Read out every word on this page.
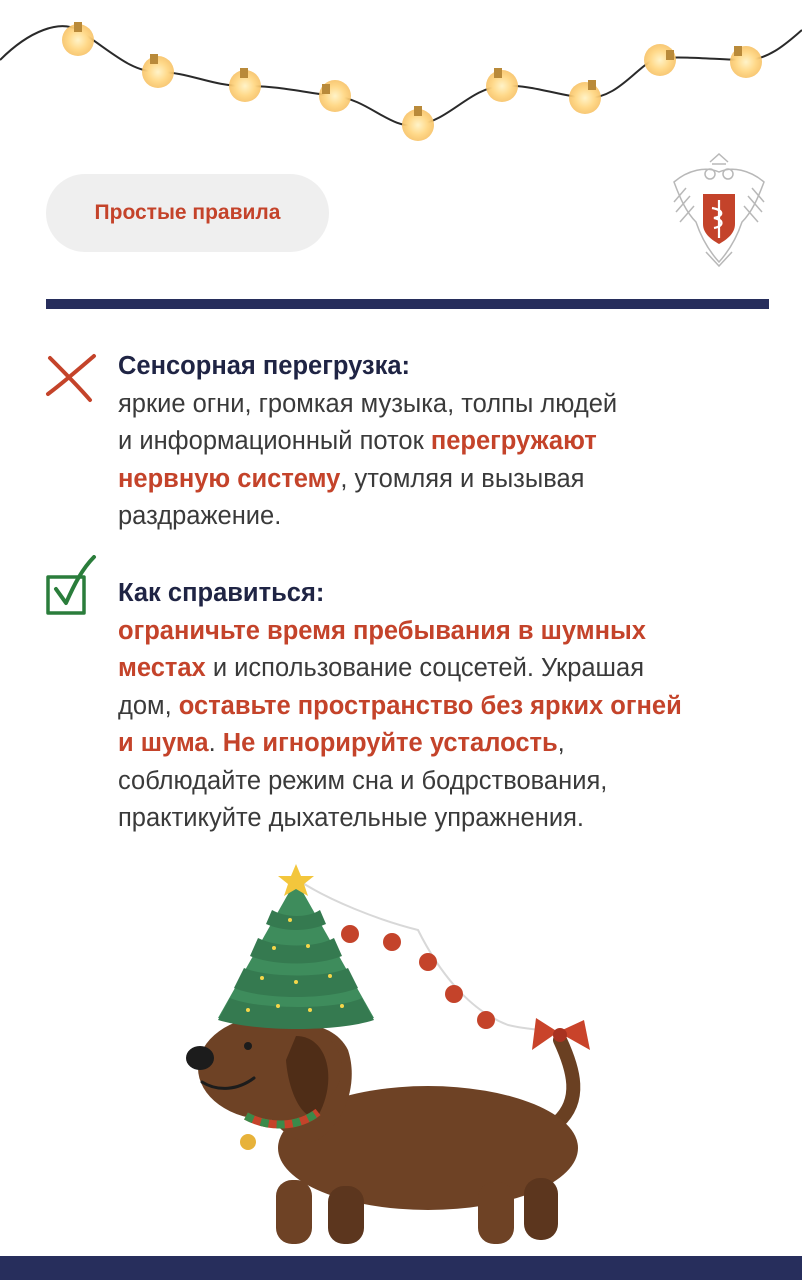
Простые правила
Сенсорная перегрузка:
яркие огни, громкая музыка, толпы людей
и информационный поток перегружают
нервную систему, утомляя и вызывая
раздражение.
Как справиться:
ограничьте время пребывания в шумных
местах и использование соцсетей. Украшая
дом, оставьте пространство без ярких огней
и шума. Не игнорируйте усталость,
соблюдайте режим сна и бодрствования,
практикуйте дыхательные упражнения.
